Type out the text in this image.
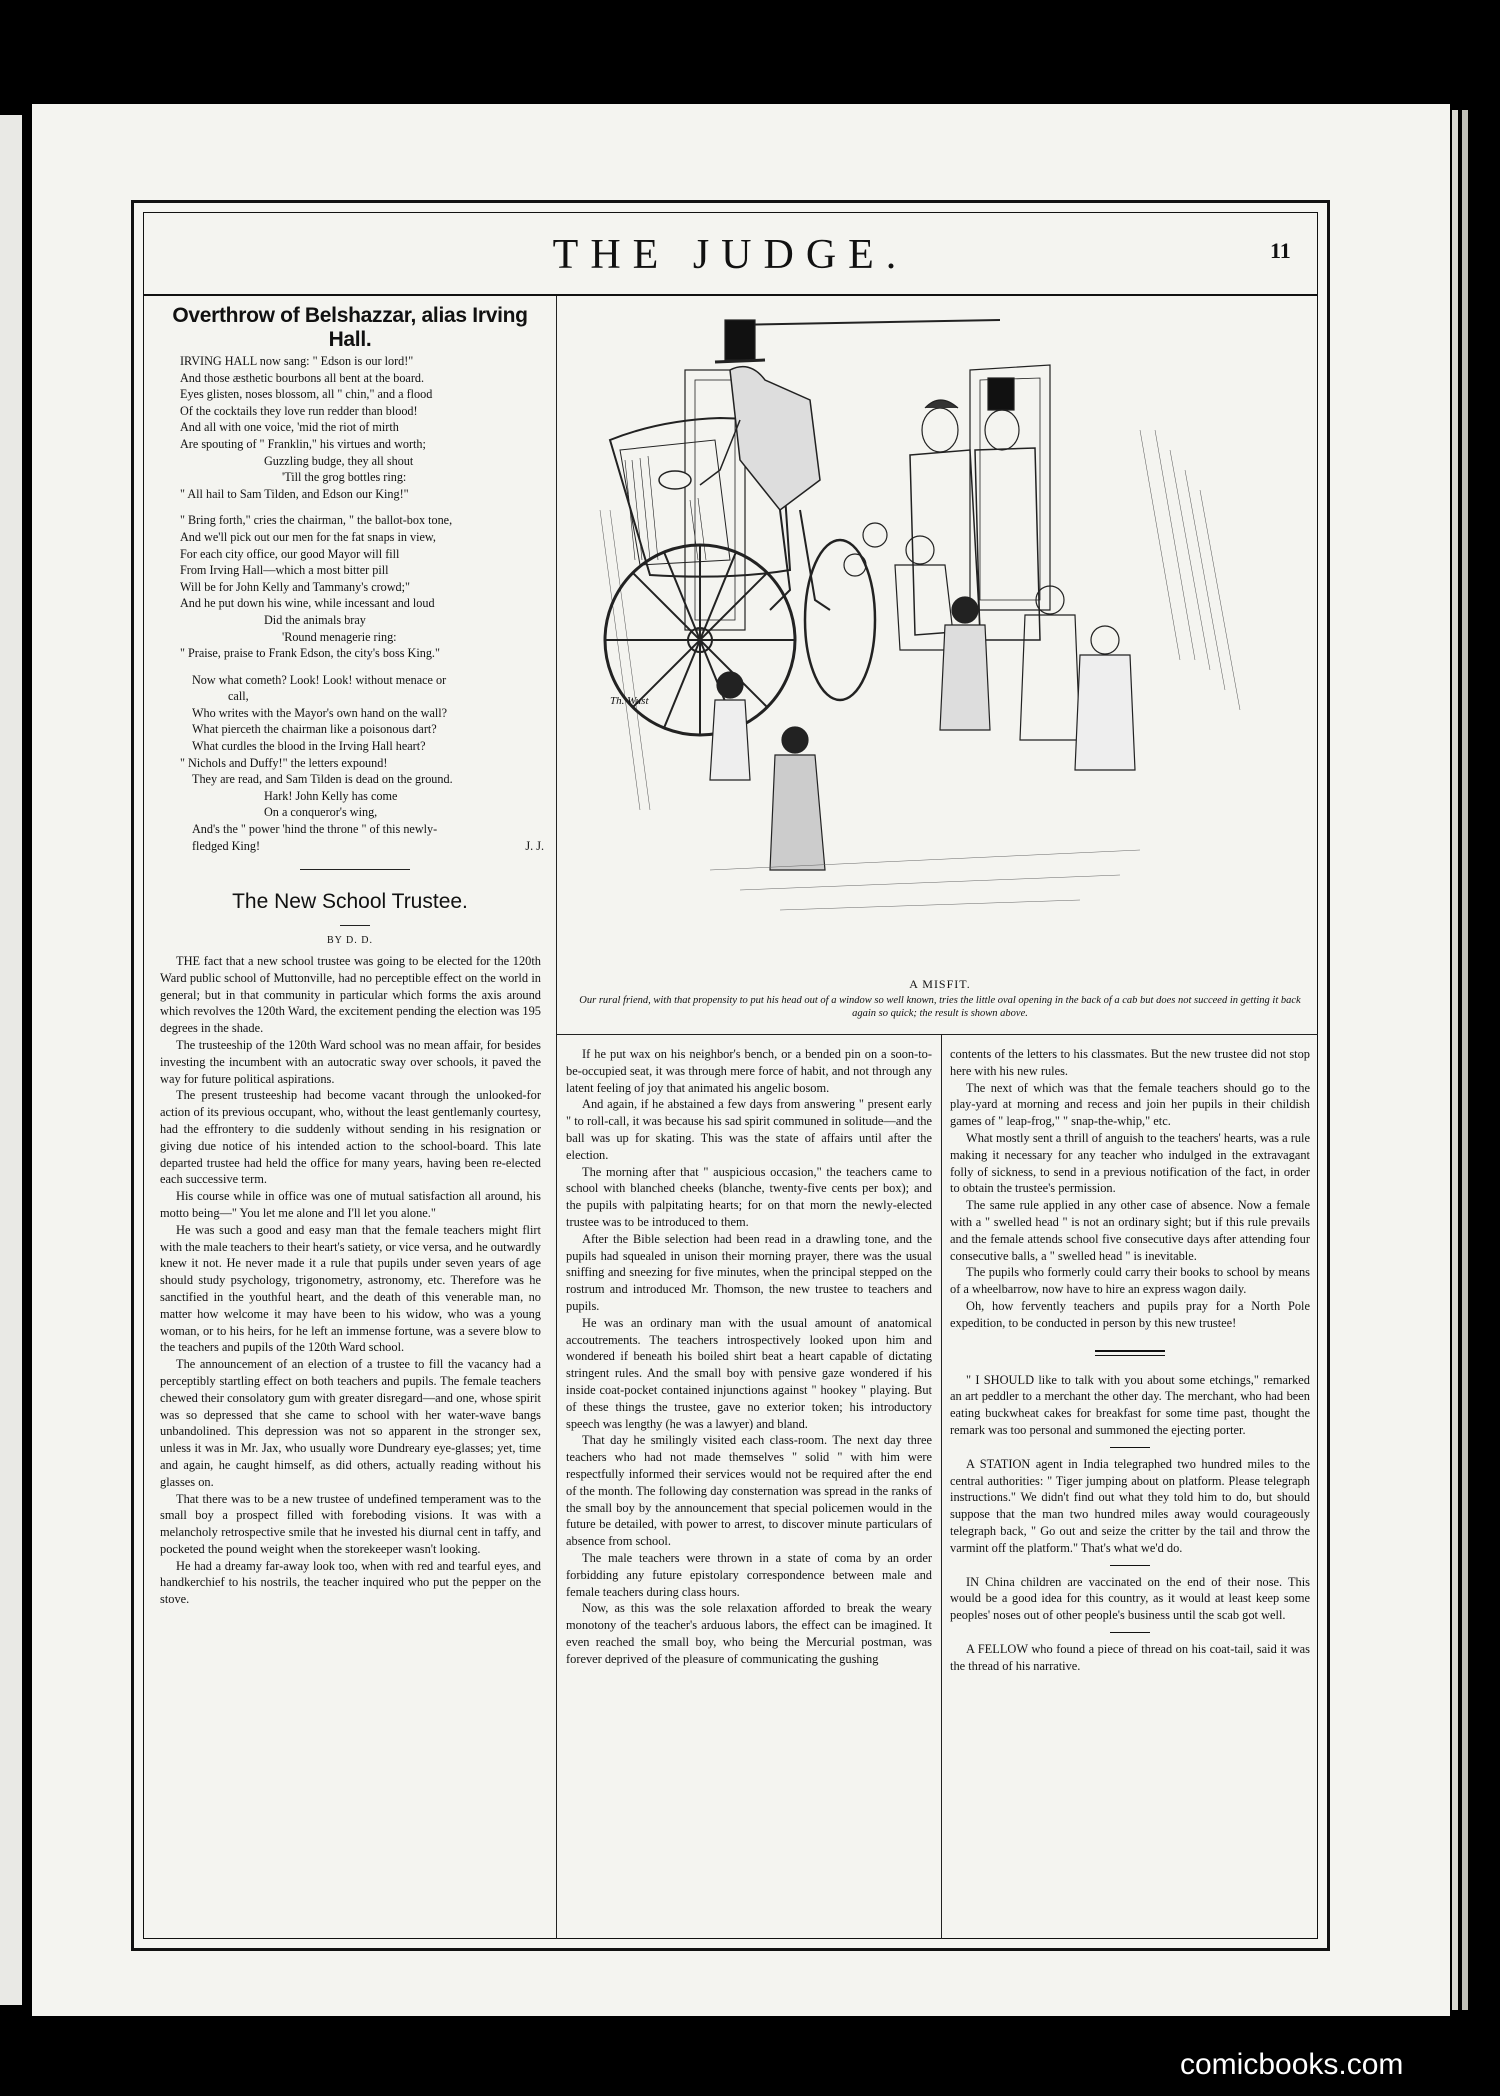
THE JUDGE.	11
Overthrow of Belshazzar, alias Irving Hall.
IRVING HALL now sang: " Edson is our lord!"
And those æsthetic bourbons all bent at the board.
Eyes glisten, noses blossom, all " chin," and a flood
Of the cocktails they love run redder than blood!
And all with one voice, 'mid the riot of mirth
Are spouting of " Franklin," his virtues and worth;
Guzzling budge, they all shout
'Till the grog bottles ring:
" All hail to Sam Tilden, and Edson our King!"
" Bring forth," cries the chairman, " the ballot-box tone,
And we'll pick out our men for the fat snaps in view,
For each city office, our good Mayor will fill
From Irving Hall—which a most bitter pill
Will be for John Kelly and Tammany's crowd;"
And he put down his wine, while incessant and loud
Did the animals bray
'Round menagerie ring:
" Praise, praise to Frank Edson, the city's boss King."
Now what cometh? Look! Look! without menace or
call,
Who writes with the Mayor's own hand on the wall?
What pierceth the chairman like a poisonous dart?
What curdles the blood in the Irving Hall heart?
" Nichols and Duffy!" the letters expound!
They are read, and Sam Tilden is dead on the ground.
Hark! John Kelly has come
On a conqueror's wing,
And's the " power 'hind the throne " of this newly-
fledged King!	J. J.
The New School Trustee.
BY D. D.

THE fact that a new school trustee was going to be elected for the 120th Ward public school of Muttonville, had no perceptible effect on the world in general; but in that community in particular which forms the axis around which revolves the 120th Ward, the excitement pending the election was 195 degrees in the shade.

The trusteeship of the 120th Ward school was no mean affair, for besides investing the incumbent with an autocratic sway over schools, it paved the way for future political aspirations.

The present trusteeship had become vacant through the unlooked-for action of its previous occupant, who, without the least gentlemanly courtesy, had the effrontery to die suddenly without sending in his resignation or giving due notice of his intended action to the school-board. This late departed trustee had held the office for many years, having been re-elected each successive term.

His course while in office was one of mutual satisfaction all around, his motto being—" You let me alone and I'll let you alone."

He was such a good and easy man that the female teachers might flirt with the male teachers to their heart's satiety, or vice versa, and he outwardly knew it not. He never made it a rule that pupils under seven years of age should study psychology, trigonometry, astronomy, etc. Therefore was he sanctified in the youthful heart, and the death of this venerable man, no matter how welcome it may have been to his widow, who was a young woman, or to his heirs, for he left an immense fortune, was a severe blow to the teachers and pupils of the 120th Ward school.

The announcement of an election of a trustee to fill the vacancy had a perceptibly startling effect on both teachers and pupils. The female teachers chewed their consolatory gum with greater disregard—and one, whose spirit was so depressed that she came to school with her water-wave bangs unbandolined. This depression was not so apparent in the stronger sex, unless it was in Mr. Jax, who usually wore Dundreary eye-glasses; yet, time and again, he caught himself, as did others, actually reading without his glasses on.

That there was to be a new trustee of undefined temperament was to the small boy a prospect filled with foreboding visions. It was with a melancholy retrospective smile that he invested his diurnal cent in taffy, and pocketed the pound weight when the storekeeper wasn't looking.

He had a dreamy far-away look too, when with red and tearful eyes, and handkerchief to his nostrils, the teacher inquired who put the pepper on the stove.

Th. Wust
A MISFIT.
Our rural friend, with that propensity to put his head out of a window so well known, tries the little oval opening in the back of a cab but does not succeed in getting it back again so quick; the result is shown above.

If he put wax on his neighbor's bench, or a bended pin on a soon-to-be-occupied seat, it was through mere force of habit, and not through any latent feeling of joy that animated his angelic bosom.

And again, if he abstained a few days from answering " present early " to roll-call, it was because his sad spirit communed in solitude—and the ball was up for skating. This was the state of affairs until after the election.

The morning after that " auspicious occasion," the teachers came to school with blanched cheeks (blanche, twenty-five cents per box); and the pupils with palpitating hearts; for on that morn the newly-elected trustee was to be introduced to them.

After the Bible selection had been read in a drawling tone, and the pupils had squealed in unison their morning prayer, there was the usual sniffing and sneezing for five minutes, when the principal stepped on the rostrum and introduced Mr. Thomson, the new trustee to teachers and pupils.

He was an ordinary man with the usual amount of anatomical accoutrements. The teachers introspectively looked upon him and wondered if beneath his boiled shirt beat a heart capable of dictating stringent rules. And the small boy with pensive gaze wondered if his inside coat-pocket contained injunctions against " hookey " playing. But of these things the trustee, gave no exterior token; his introductory speech was lengthy (he was a lawyer) and bland.

That day he smilingly visited each class-room. The next day three teachers who had not made themselves " solid " with him were respectfully informed their services would not be required after the end of the month. The following day consternation was spread in the ranks of the small boy by the announcement that special policemen would in the future be detailed, with power to arrest, to discover minute particulars of absence from school.

The male teachers were thrown in a state of coma by an order forbidding any future epistolary correspondence between male and female teachers during class hours.

Now, as this was the sole relaxation afforded to break the weary monotony of the teacher's arduous labors, the effect can be imagined. It even reached the small boy, who being the Mercurial postman, was forever deprived of the pleasure of communicating the gushing

contents of the letters to his classmates. But the new trustee did not stop here with his new rules.

The next of which was that the female teachers should go to the play-yard at morning and recess and join her pupils in their childish games of " leap-frog," " snap-the-whip," etc.

What mostly sent a thrill of anguish to the teachers' hearts, was a rule making it necessary for any teacher who indulged in the extravagant folly of sickness, to send in a previous notification of the fact, in order to obtain the trustee's permission.

The same rule applied in any other case of absence. Now a female with a " swelled head " is not an ordinary sight; but if this rule prevails and the female attends school five consecutive days after attending four consecutive balls, a " swelled head " is inevitable.

The pupils who formerly could carry their books to school by means of a wheelbarrow, now have to hire an express wagon daily.

Oh, how fervently teachers and pupils pray for a North Pole expedition, to be conducted in person by this new trustee!

" I SHOULD like to talk with you about some etchings," remarked an art peddler to a merchant the other day. The merchant, who had been eating buckwheat cakes for breakfast for some time past, thought the remark was too personal and summoned the ejecting porter.

A STATION agent in India telegraphed two hundred miles to the central authorities: " Tiger jumping about on platform. Please telegraph instructions." We didn't find out what they told him to do, but should suppose that the man two hundred miles away would courageously telegraph back, " Go out and seize the critter by the tail and throw the varmint off the platform." That's what we'd do.

IN China children are vaccinated on the end of their nose. This would be a good idea for this country, as it would at least keep some peoples' noses out of other people's business until the scab got well.

A FELLOW who found a piece of thread on his coat-tail, said it was the thread of his narrative.

comicbooks.com
